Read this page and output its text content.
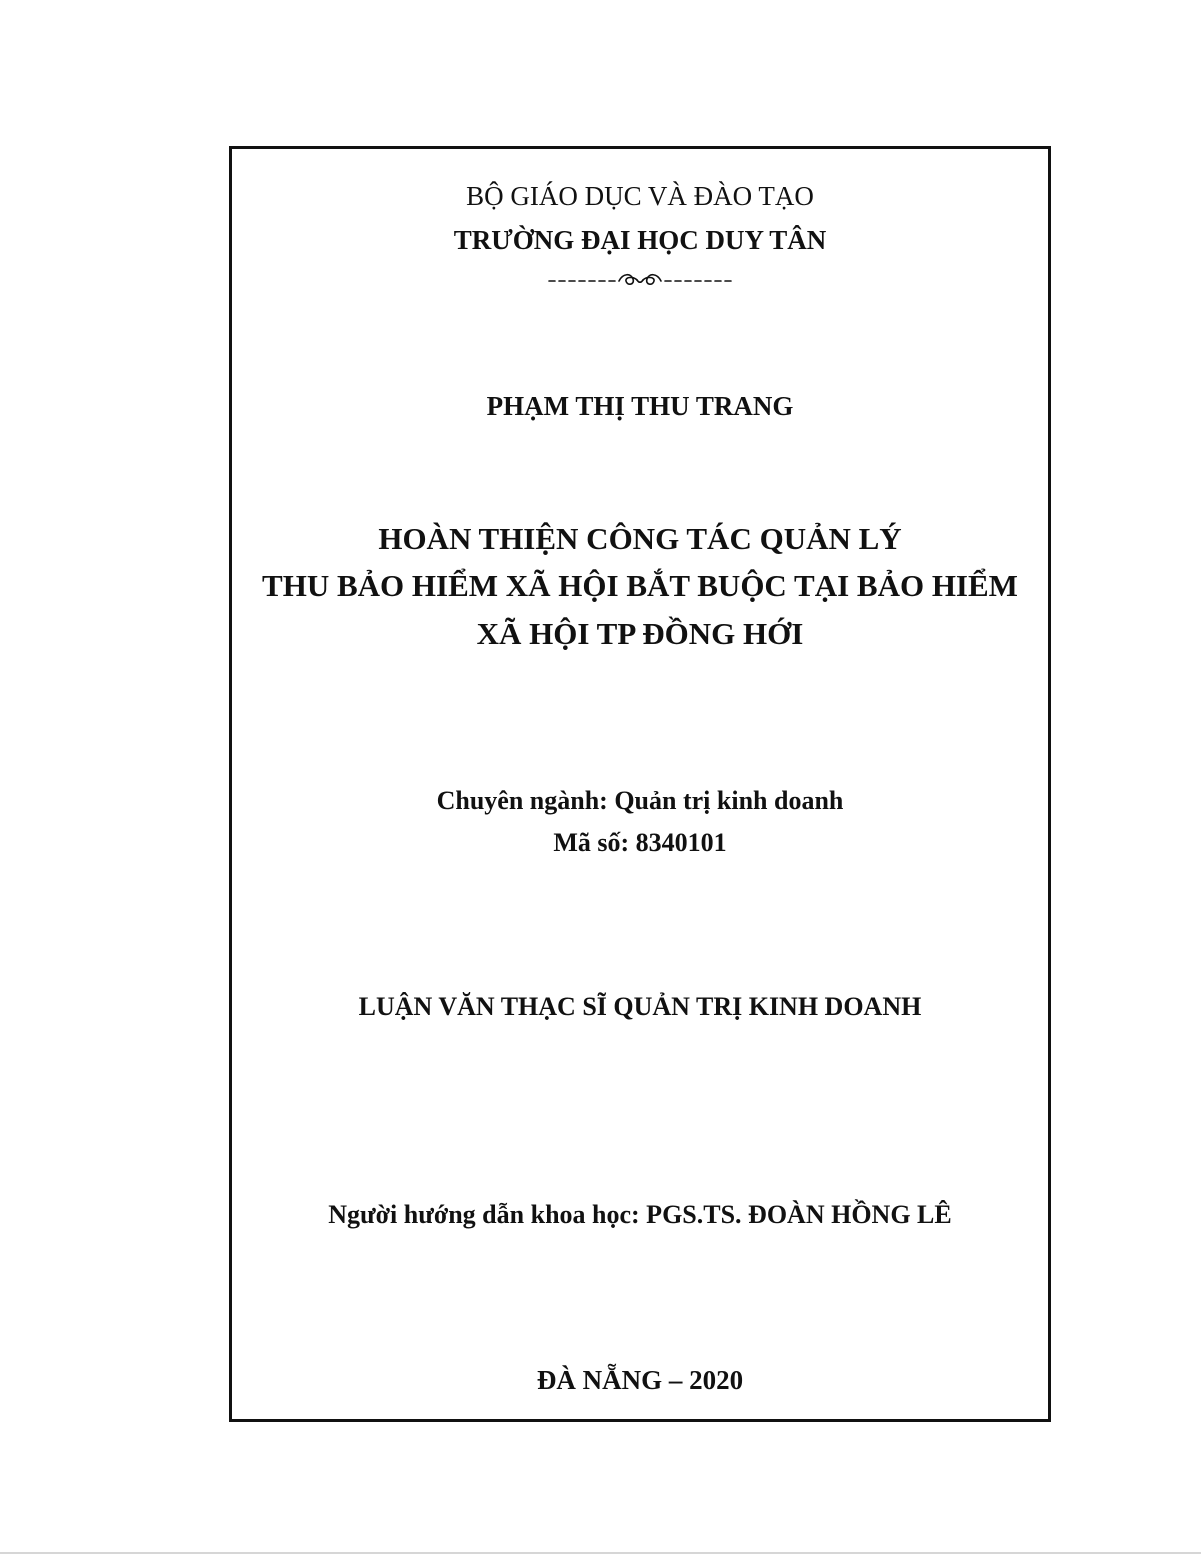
BỘ GIÁO DỤC VÀ ĐÀO TẠO
TRƯỜNG ĐẠI HỌC DUY TÂN
PHẠM THỊ THU TRANG
HOÀN THIỆN CÔNG TÁC QUẢN LÝ
THU BẢO HIỂM XÃ HỘI BẮT BUỘC TẠI BẢO HIỂM
XÃ HỘI TP ĐỒNG HỚI
Chuyên ngành: Quản trị kinh doanh
Mã số: 8340101
LUẬN VĂN THẠC SĨ QUẢN TRỊ KINH DOANH
Người hướng dẫn khoa học: PGS.TS. ĐOÀN HỒNG LÊ
ĐÀ NẴNG – 2020
